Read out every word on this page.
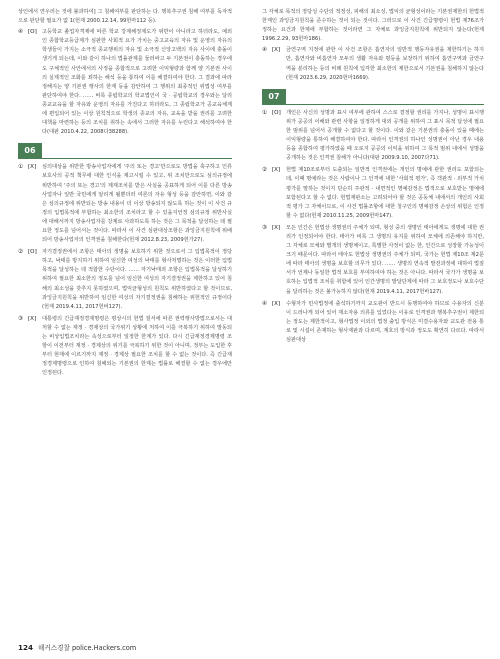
상인에서 연우러는 것에 불과하여] 그 침해여부를 판단하는 다. 행복추구권 침해 여부를 독자적으로 판단할 필요가 없 1(헌재 2000.12.14, 99헌마112 등).

④ [O] 고등학교 졸업자격제에 따른 학교 강제해정제도가 위반이 아니라고 하더라도, 예외인 종합학교등급제가 심판한 사회적 요가 가치는 중고교육의 자유 및 운영의 자유의 학생들이 가지는 소극적 종교행위의 자유 및 소극적 신앙고백의 자유 사이에 충돌이 생기게 되는데, 이와 같이 하나의 법률관계를 둘러싸고 두 기본권이 충돌하는 경우에도 구체적인 사안에서의 사정을 종합적으로 고려한 이익형량과 함께 양 기본권 사이의 실제적인 조화를 꾀하는 해석 등을 통하여 이를 해결하여야 한다. 그 결과에 따라 정해지는 양 기본권 행사의 한계 등을 감안하여 그 행위의 최종적인 위법성 여부를 판단하여야 한다. …… 비록 종립학교의 학교법인이 국 · 공립학교의 경우와는 달리 종교교육을 할 자유와 운영의 자유를 가진다고 하더라도, 그 종립학교가 공교육체계에 편입되어 있는 이상 원칙적으로 학생의 종교의 자유, 교육을 받을 권리를 고려한 대책을 마련하는 등의 조치를 취하는 속에서 그러한 자유를 누린다고 해석하여야 한다(대판 2010.4.22, 2008다38288).
06
① [X] 심의대상을 위반한 방송사업자에게 '주의 또는 경고'만으로도 방법을 축구하고 인류보호사의 공적 책무에 대한 인식을 제고시킬 수 있고, 위 조치만으로도 심의규정에 위반하여 '주의 또는 경고'의 제재조치를 받은 사실을 공표하게 되어 이를 다른 방송사업자나 일반 국민에게 알리게 될뿐더러 여론의 자유 형성 등을 감안하면, 이와 같은 심의규정에 위반되는 방송 내용이 더 이상 방송되지 않도록 하는 것이 이 사건 규정의 입법목적에 부합하는 최소한의 조치라고 할 수 있을지언정 심의규정 위반사실에 대해서까지 방송사업자를 강제로 사과하도록 하는 것은 그 목적을 달성하는 데 필요한 정도를 넘어서는 것이다. 따라서 이 사건 심판대상조항은 과잉금지원칙에 위배되어 방송사업자의 인격권을 침해한다(헌재 2012.8.23, 2009헌가27).
② [O] 자기결정권에서 조항은 태아의 생명을 보호하기 위한 것으로서 그 입법목적이 정당하고, 낙태를 방지하기 위하여 임신한 여성의 낙태를 형사처벌하는 것은 이러한 입법목적을 달성하는 데 적합한 수단이다. …… 자기낙태죄 조항은 입법목적을 달성하기 위하여 필요한 최소한의 정도를 넘어 임신한 여성의 자기결정권을 제한하고 있어 침해의 최소성을 갖추지 못하였으며, 법익균형성의 원칙도 위반하였다고 할 것이므로, 과잉금지원칙을 위반하여 임신한 여성의 자기결정권을 침해하는 위헌적인 규정이다(헌재 2019.4.11, 2017헌바127).
③ [X] 대통령의 긴급재정경제명령은 평상시의 헌법 질서에 따른 권력행사방법으로서는 대처할 수 없는 재정 · 경제상의 국가위기 상황에 처하여 이를 극복하기 위하여 발동되는 비상입법조치라는 속성으로부터 일정한 한계가 있다. 다시 긴급재정경제명령 조항이 이전부터 재정 · 경제상의 위기를 극복하기 위한 것이 아니며, 정부는 도입한 후부터 현재에 이르기까지 재정 · 경제상 필요한 조치를 할 수 없는 것이다. 즉 긴급재정경제명령으로 인하여 침해되는 기본권의 한계는 법률로 해결할 수 없는 경우에만 인정된다.

그 자체로 목적의 정당성 수단의 적정성, 피해의 최소성, 법익의 균형성이라는 기본권제한의 헌법적 한계인 과잉금지원칙을 준수하는 것이 되는 것이다. 그러므로 이 사건 긴급명령이 헌법 제76조가 정하는 요건과 한계에 부합하는 것이라면 그 자체로 과잉금지원칙에 위반되지 않는다(헌재 1996.2.29, 93헌마186).

④ [X] 금연구역 지정에 관한 이 사건 조항은 흡연자의 일반적 행동자유권을 제한하기는 하지만, 흡연자와 비흡연자 모두의 생활 자유와 평등을 보장하기 위하여 흡연구역과 금연구역을 분리하는 등의 비례 원칙에 입각한 최소한의 제한으로서 기본권을 침해하지 않는다(헌재 2023.6.29, 2020헌마1669).
07
① [O] 개인은 사신의 성명과 표시 여부에 관하여 스스로 결정할 권리를 가지나, 성명이 표시행위가 공공의 이해와 관련 사항을 일정하게 대외 공개를 위하여 그 표시 목적 달성에 필요한 범위를 넘어서 공개할 수 없다고 할 것이다. 이와 같은 기본권의 충돌이 있을 때에는 이익형량을 통하여 해결하여야 한다. 따라서 인격권의 하나인 성명권이 아닌 경우 내용 등을 종합하여 평가하였을 때 오로지 공공의 이익을 위하여 그 목적 범위 내에서 성명을 공개하는 것은 인격권 침해가 아니다(대판 2009.9.10, 2007다71).
② [X] 헌법 제10조로부터 도출되는 일반적 인격권에는 개인의 명예에 관한 권리도 포함되는데, 이때 명예라는 것은 사람이나 그 인격에 대한 '사회적 평가', 즉 객관적 · 외부적 가치평가를 말하는 것이지 단순히 주관적 · 내면적인 명예감정은 법적으로 보호받는 명예에 포함된다고 할 수 없다. 헌법재판소는 고려되어야 할 것은 공동체 내에서의 개인의 사회적 평가 그 자체이므로, 이 사건 법률조항에 대한 청구인의 명예감정 손상의 위험은 인정할 수 없다(헌재 2010.11.25, 2009헌마147).
③ [X] 모든 인간은 헌법상 생명권의 주체가 되며, 형성 중의 생명인 태아에게도 생명에 대한 권리가 인정되어야 한다. 태아가 비록 그 생명의 유지를 위하여 모체에 의존해야 하지만, 그 자체로 모체와 별개의 생명체이고, 특별한 사정이 없는 한, 인간으로 성장할 가능성이 크기 때문이다. 따라서 태아도 헌법상 생명권의 주체가 되며, 국가는 헌법 제10조 제2문에 따라 태아의 생명을 보호할 의무가 있다. …… 생명의 연속적 발전과정에 대하여 법질서가 언제나 동일한 법적 보호를 부여하여야 하는 것은 아니다. 따라서 국가가 생명을 보호하는 입법적 조치를 취함에 있어 인간생명의 발달단계에 따라 그 보호정도나 보호수단을 달리하는 것은 불가능하지 않다(헌재 2019.4.11, 2017헌바127).
④ [X] 수형자가 민사법정에 출석하기까지 교도관이 반드시 동행하여야 하므로 수용자의 신분이 드러나게 되어 있어 재소자용 의류를 입었다는 이유로 인격권과 행복추구권이 제한되는 정도는 제한적이고, 형사법정 이외의 법정 출입 방식은 미결수용자와 교도관 전용 통로 및 시설이 존재하는 형사재판과 다르며, 계호의 방식과 정도도 확연히 다르다. 따라서 심판대상
124 해커스경찰 police.Hackers.com
